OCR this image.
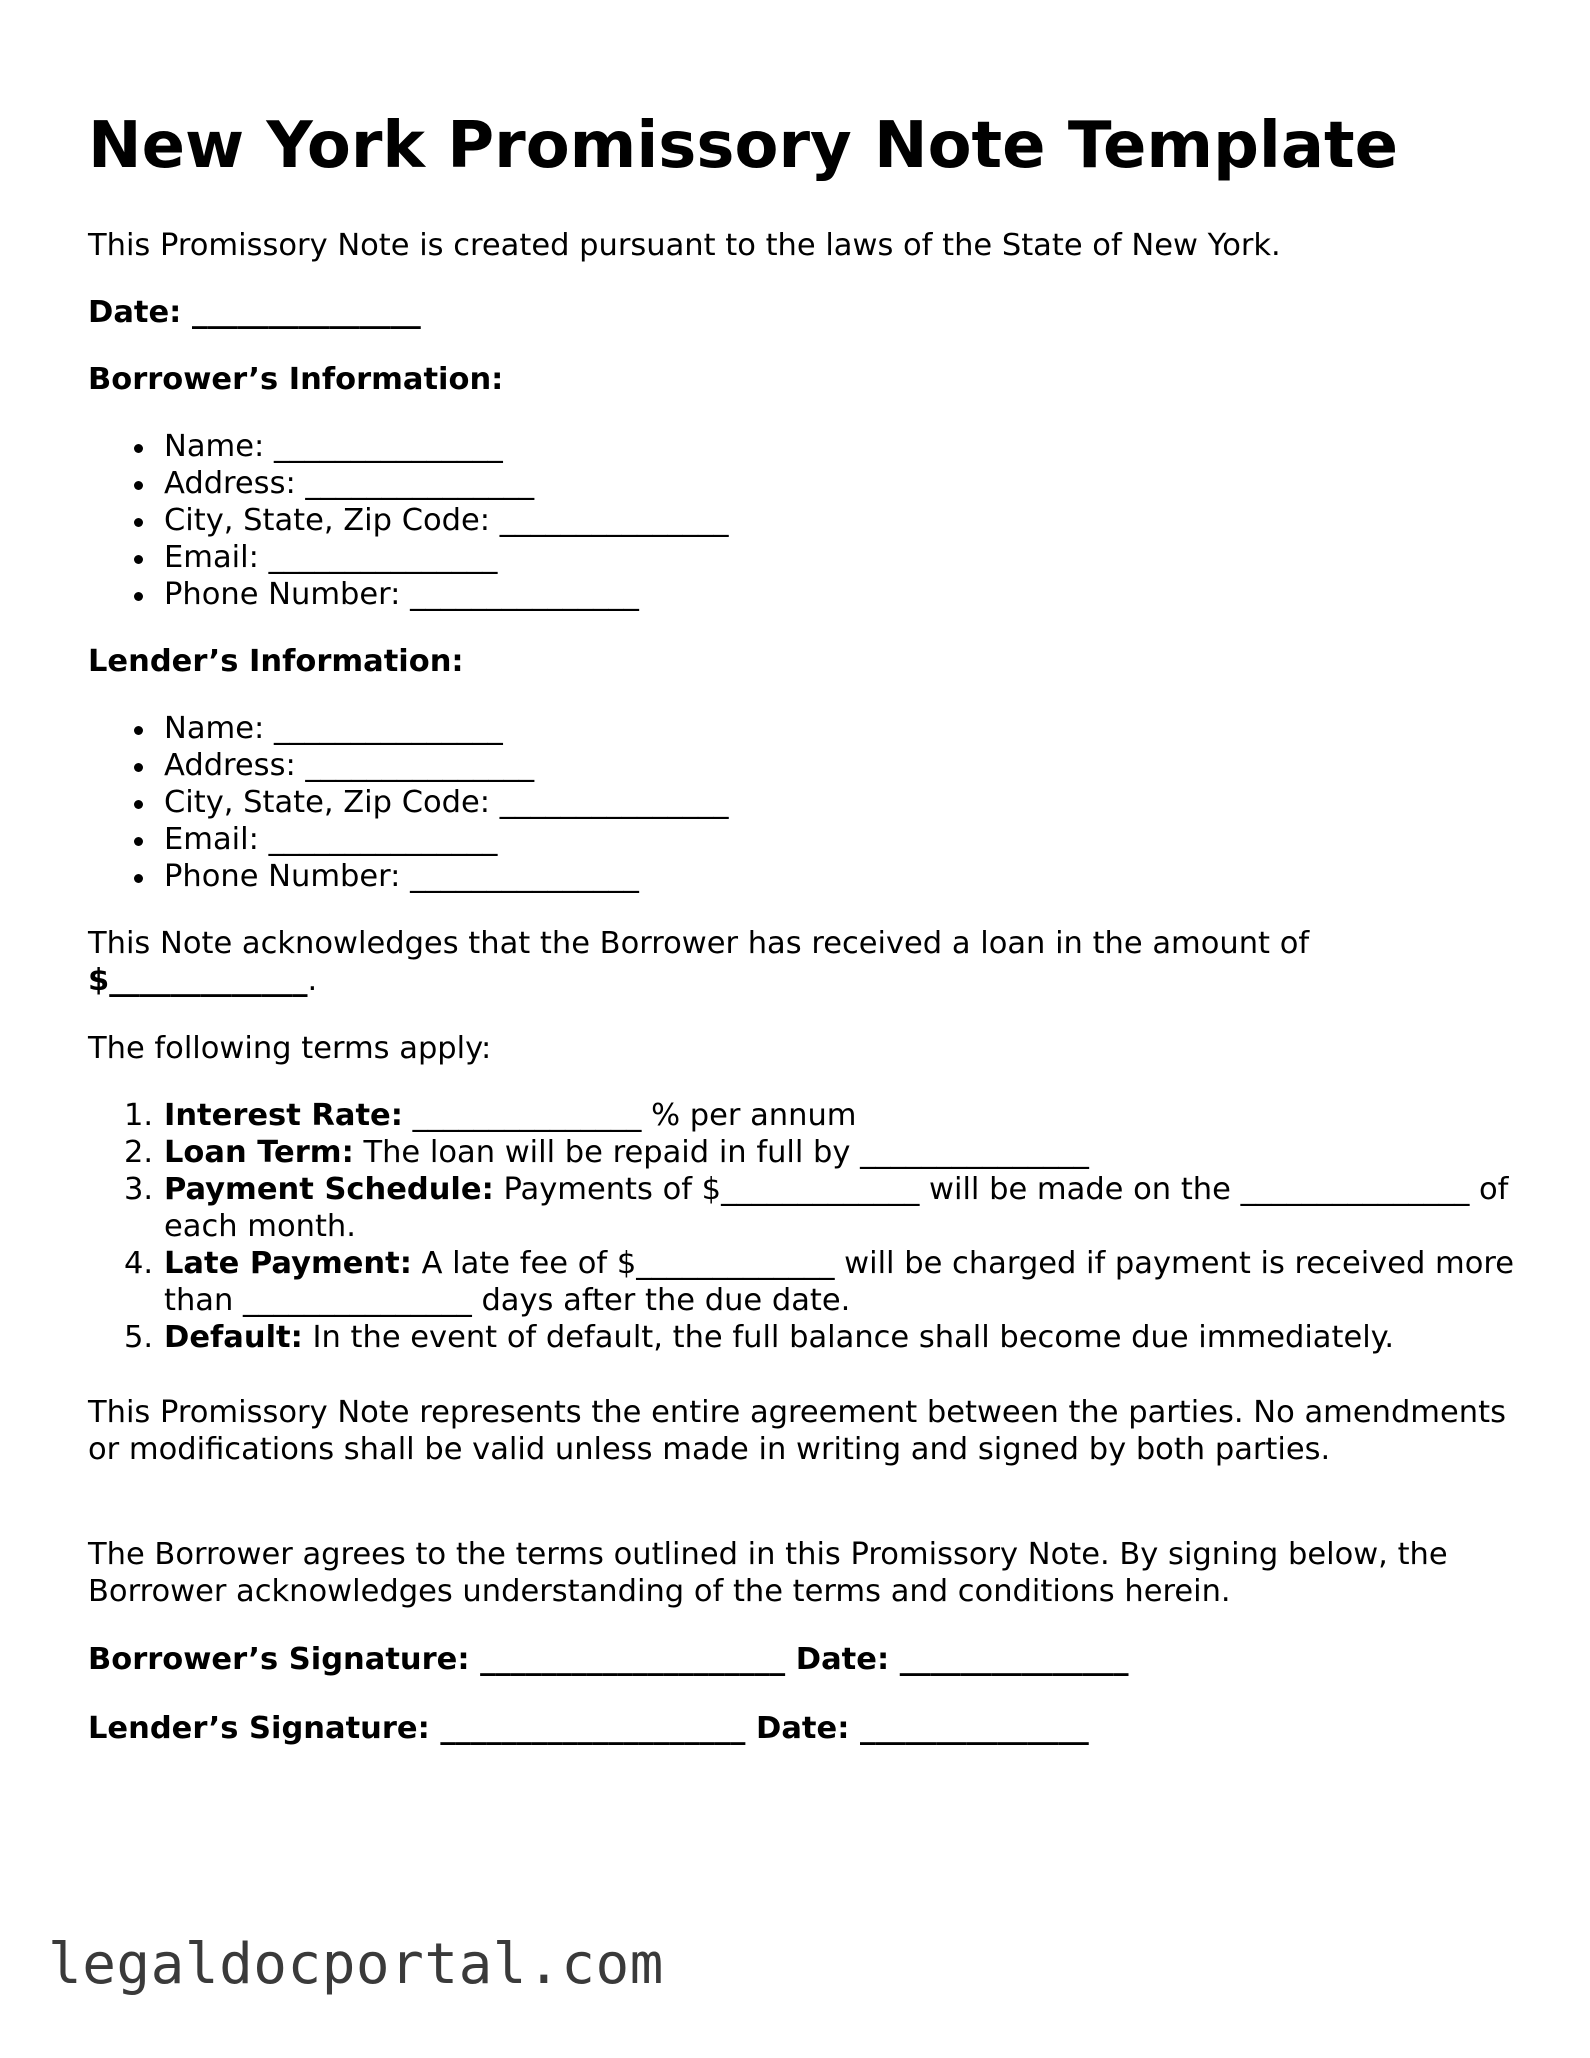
New York Promissory Note Template

This Promissory Note is created pursuant to the laws of the State of New York.

Date: _______________

Borrower’s Information:

Name: _______________
Address: _______________
City, State, Zip Code: _______________
Email: _______________
Phone Number: _______________

Lender’s Information:

Name: _______________
Address: _______________
City, State, Zip Code: _______________
Email: _______________
Phone Number: _______________

This Note acknowledges that the Borrower has received a loan in the amount of
$_____________.

The following terms apply:

1. Interest Rate: _______________ % per annum
2. Loan Term: The loan will be repaid in full by _______________
3. Payment Schedule: Payments of $_____________ will be made on the _______________ of each month.
4. Late Payment: A late fee of $_____________ will be charged if payment is received more than _______________ days after the due date.
5. Default: In the event of default, the full balance shall become due immediately.

This Promissory Note represents the entire agreement between the parties. No amendments or modifications shall be valid unless made in writing and signed by both parties.

The Borrower agrees to the terms outlined in this Promissory Note. By signing below, the Borrower acknowledges understanding of the terms and conditions herein.

Borrower’s Signature: ____________________ Date: _______________

Lender’s Signature: ____________________ Date: _______________

legaldocportal.com
